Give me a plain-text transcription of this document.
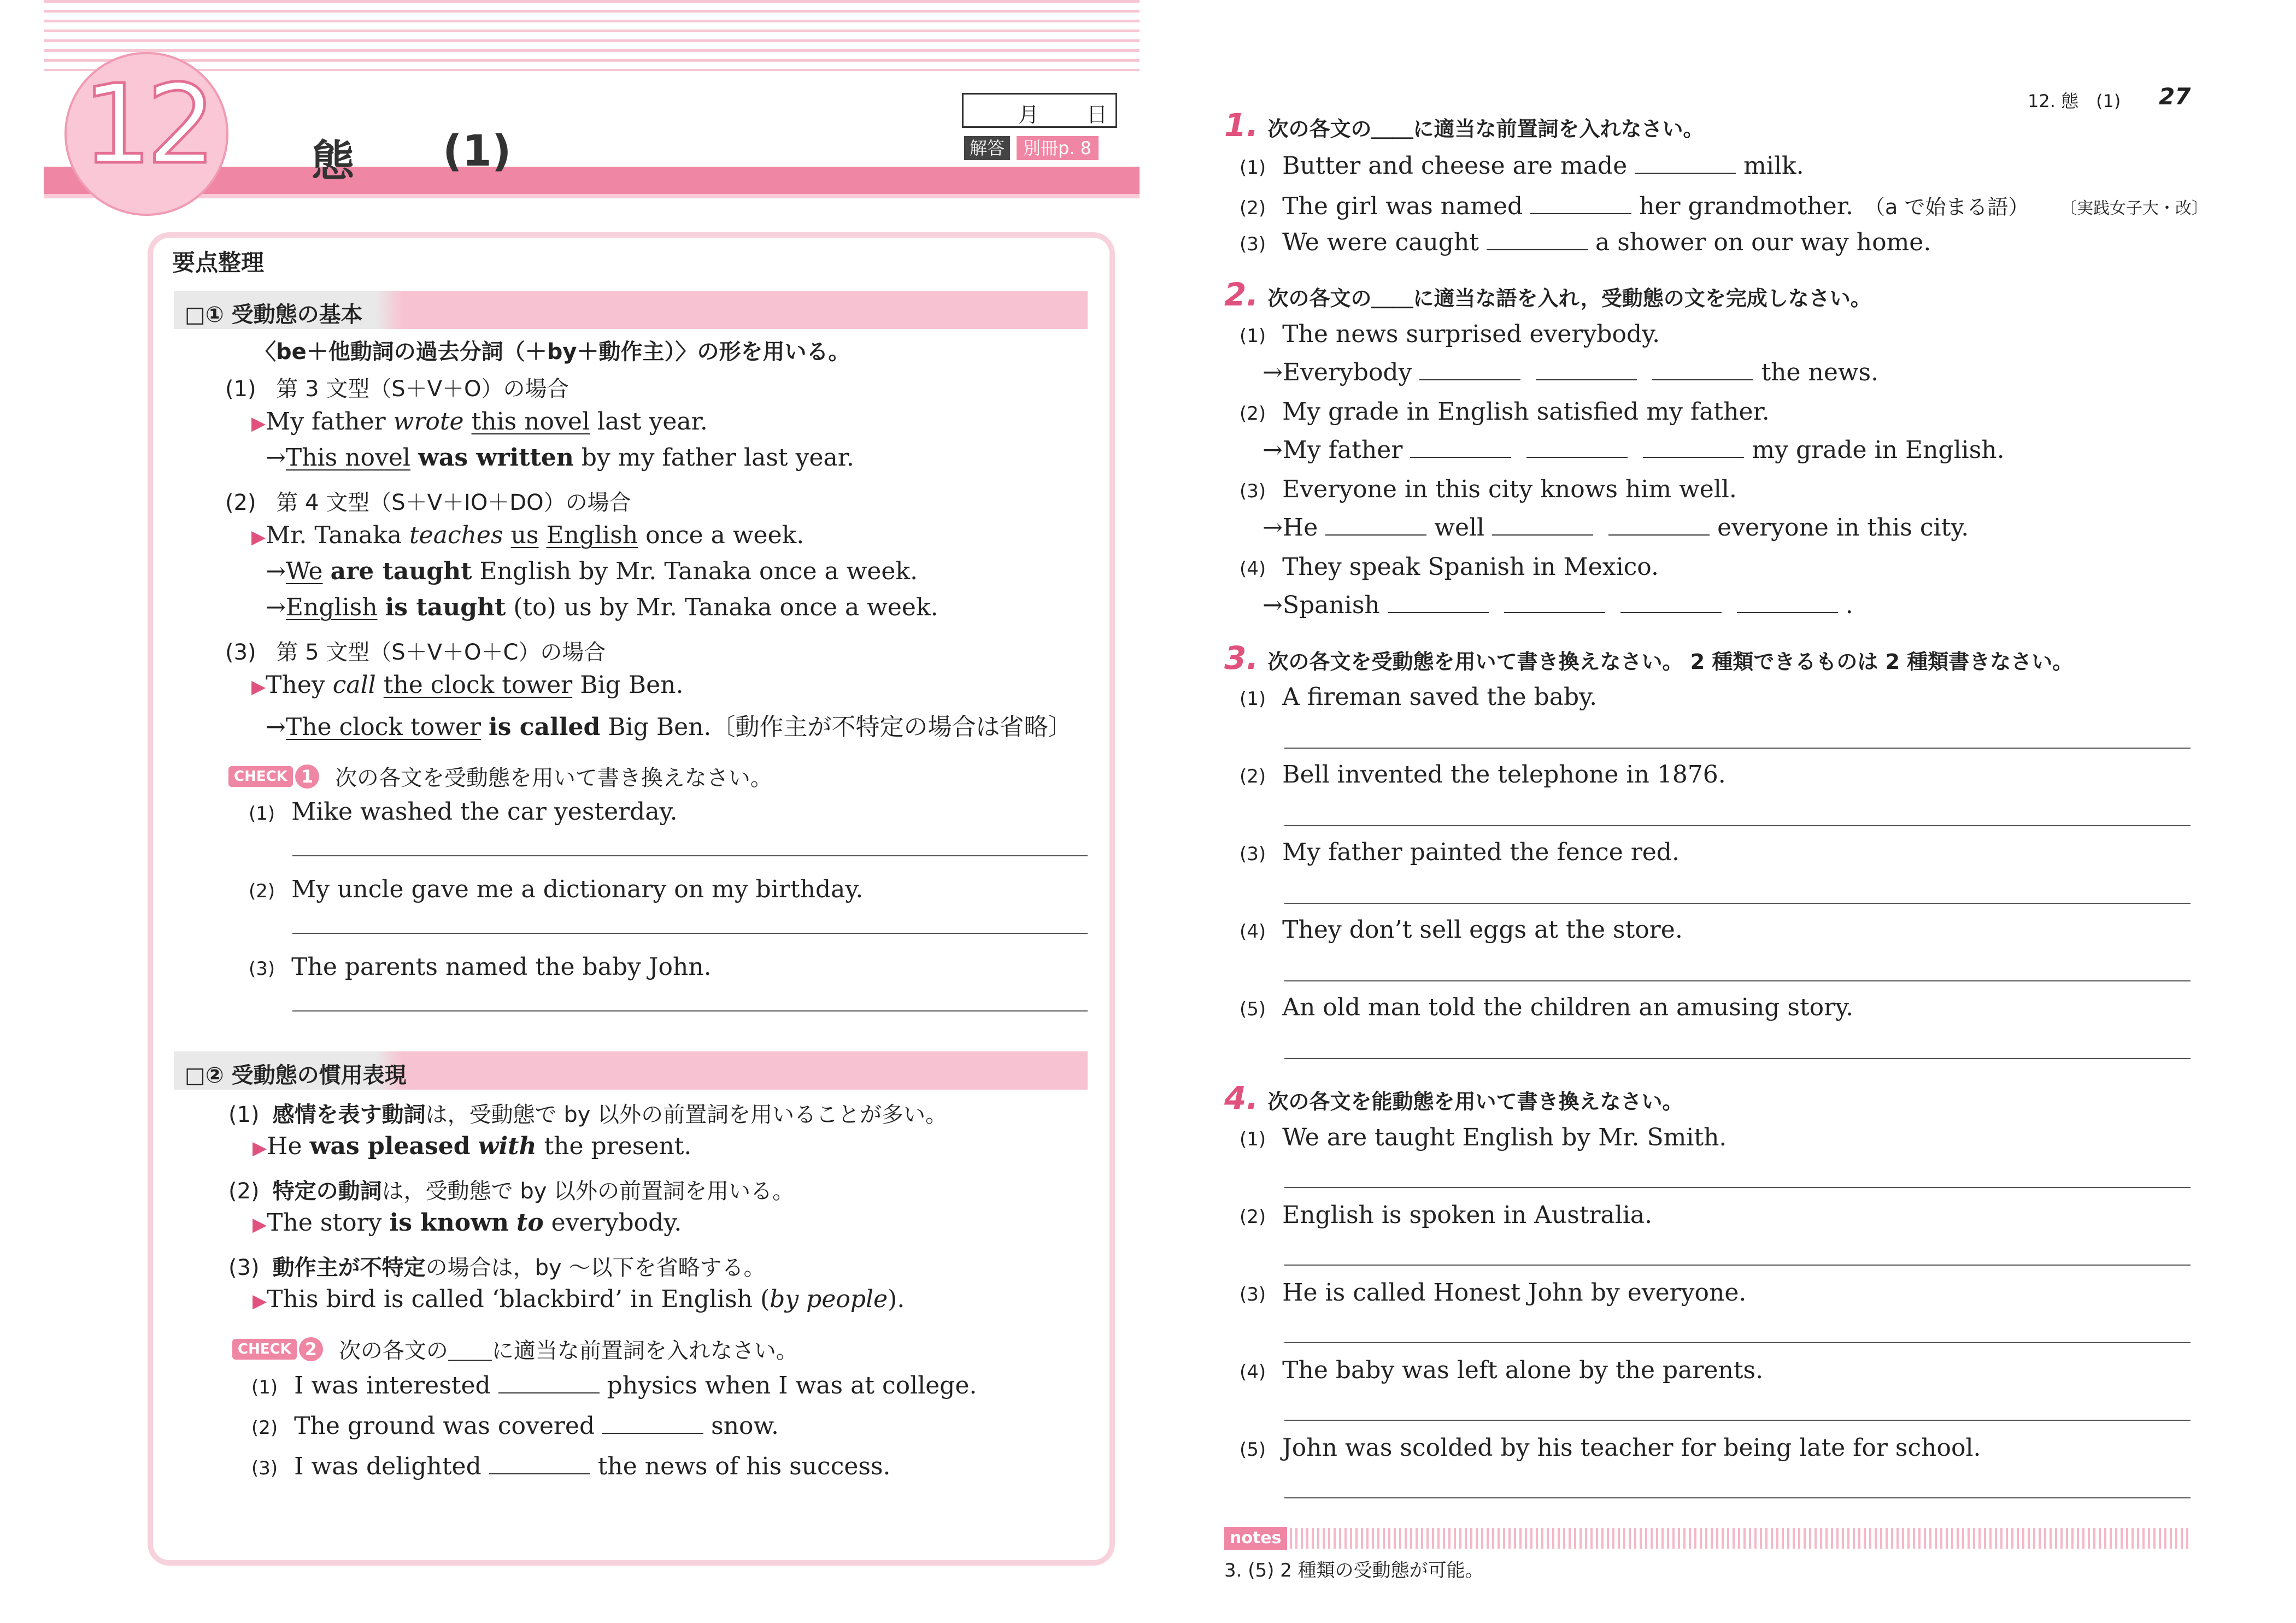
12	態 (1)
月 日
解答	別冊p. 8
要点整理
□① 受動態の基本
〈be＋他動詞の過去分詞（＋by＋動作主）〉の形を用いる。
(1) 第 3 文型（S＋V＋O）の場合
▶My father wrote this novel last year.
→This novel was written by my father last year.
(2) 第 4 文型（S＋V＋IO＋DO）の場合
▶Mr. Tanaka teaches us English once a week.
→We are taught English by Mr. Tanaka once a week.
→English is taught (to) us by Mr. Tanaka once a week.
(3) 第 5 文型（S＋V＋O＋C）の場合
▶They call the clock tower Big Ben.
→The clock tower is called Big Ben.〔動作主が不特定の場合は省略〕
CHECK 1 次の各文を受動態を用いて書き換えなさい。
(1) Mike washed the car yesterday.
(2) My uncle gave me a dictionary on my birthday.
(3) The parents named the baby John.
□② 受動態の慣用表現
(1) 感情を表す動詞は，受動態で by 以外の前置詞を用いることが多い。
▶He was pleased with the present.
(2) 特定の動詞は，受動態で by 以外の前置詞を用いる。
▶The story is known to everybody.
(3) 動作主が不特定の場合は，by 〜以下を省略する。
▶This bird is called ‘blackbird’ in English (by people).
CHECK 2 次の各文の＿＿に適当な前置詞を入れなさい。
(1) I was interested	physics when I was at college.
(2) The ground was covered	snow.
(3) I was delighted	the news of his success.
12. 態　(1) 27
1. 次の各文の＿＿に適当な前置詞を入れなさい。
(1) Butter and cheese are made	milk.
(2) The girl was named	her grandmother. （a で始まる語） 〔実践女子大・改〕
(3) We were caught	a shower on our way home.
2. 次の各文の＿＿に適当な語を入れ，受動態の文を完成しなさい。
(1) The news surprised everybody.
→Everybody	the news.
(2) My grade in English satisfied my father.
→My father	my grade in English.
(3) Everyone in this city knows him well.
→He	well	everyone in this city.
(4) They speak Spanish in Mexico.
→Spanish	.
3. 次の各文を受動態を用いて書き換えなさい。 2 種類できるものは 2 種類書きなさい。
(1) A fireman saved the baby.
(2) Bell invented the telephone in 1876.
(3) My father painted the fence red.
(4) They don’t sell eggs at the store.
(5) An old man told the children an amusing story.
4. 次の各文を能動態を用いて書き換えなさい。
(1) We are taught English by Mr. Smith.
(2) English is spoken in Australia.
(3) He is called Honest John by everyone.
(4) The baby was left alone by the parents.
(5) John was scolded by his teacher for being late for school.
notes
3. (5) 2 種類の受動態が可能。
